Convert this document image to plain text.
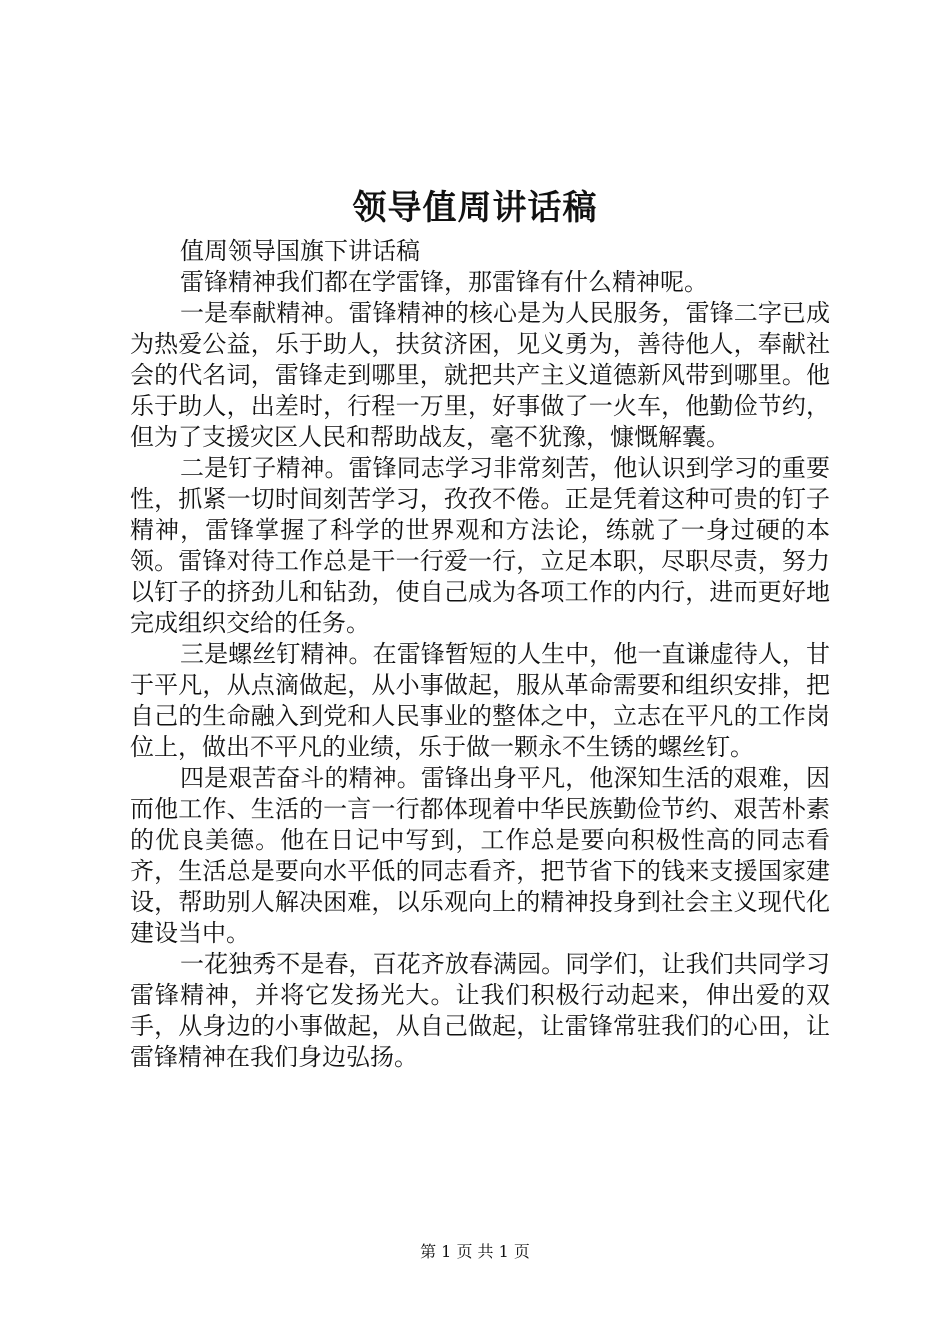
领导值周讲话稿

值周领导国旗下讲话稿

雷锋精神我们都在学雷锋，那雷锋有什么精神呢。

一是奉献精神。雷锋精神的核心是为人民服务，雷锋二字已成为热爱公益，乐于助人，扶贫济困，见义勇为，善待他人，奉献社会的代名词，雷锋走到哪里，就把共产主义道德新风带到哪里。他乐于助人，出差时，行程一万里，好事做了一火车，他勤俭节约，但为了支援灾区人民和帮助战友，毫不犹豫，慷慨解囊。

二是钉子精神。雷锋同志学习非常刻苦，他认识到学习的重要性，抓紧一切时间刻苦学习，孜孜不倦。正是凭着这种可贵的钉子精神，雷锋掌握了科学的世界观和方法论，练就了一身过硬的本领。雷锋对待工作总是干一行爱一行，立足本职，尽职尽责，努力以钉子的挤劲儿和钻劲，使自己成为各项工作的内行，进而更好地完成组织交给的任务。

三是螺丝钉精神。在雷锋暂短的人生中，他一直谦虚待人，甘于平凡，从点滴做起，从小事做起，服从革命需要和组织安排，把自己的生命融入到党和人民事业的整体之中，立志在平凡的工作岗位上，做出不平凡的业绩，乐于做一颗永不生锈的螺丝钉。

四是艰苦奋斗的精神。雷锋出身平凡，他深知生活的艰难，因而他工作、生活的一言一行都体现着中华民族勤俭节约、艰苦朴素的优良美德。他在日记中写到，工作总是要向积极性高的同志看齐，生活总是要向水平低的同志看齐，把节省下的钱来支援国家建设，帮助别人解决困难，以乐观向上的精神投身到社会主义现代化建设当中。

一花独秀不是春，百花齐放春满园。同学们，让我们共同学习雷锋精神，并将它发扬光大。让我们积极行动起来，伸出爱的双手，从身边的小事做起，从自己做起，让雷锋常驻我们的心田，让雷锋精神在我们身边弘扬。

第 1 页 共 1 页
